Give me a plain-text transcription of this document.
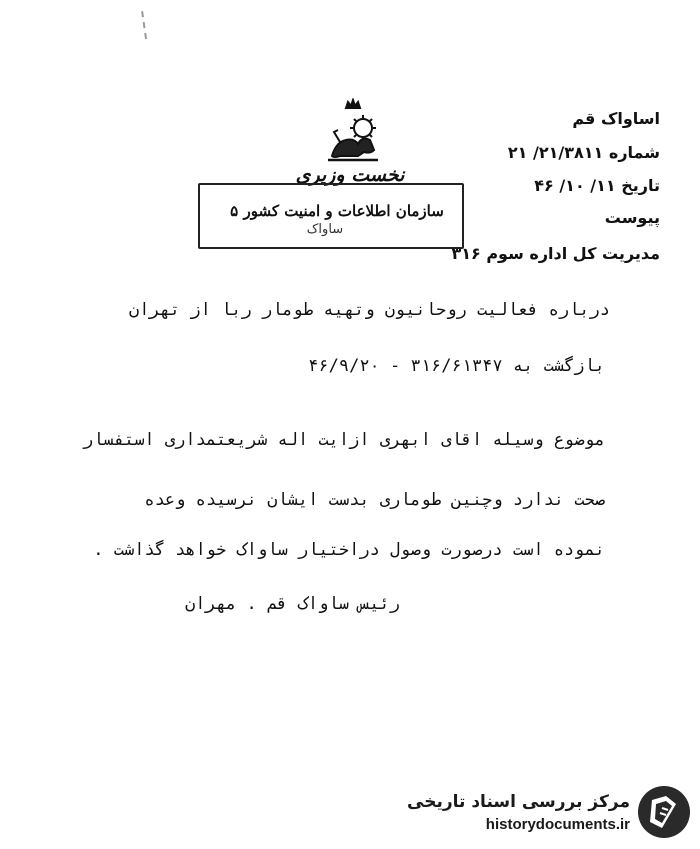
نخست وزیری
سازمان اطلاعات و امنیت کشور ۵
ساواک
اساواک قم
شماره ۲۱/۳۸۱۱/ ۲۱
تاریخ ۱۱/ ۱۰/ ۴۶
پیوست
مدیریت کل اداره سوم ۳۱۶
درباره فعالیت روحانیون وتهیه طومار ربا از تهران
بازگشت به ۳۱۶/۶۱۳۴۷ - ۴۶/۹/۲۰
موضوع وسیله اقای ابهری ازایت اله شریعتمداری استفسار
صحت ندارد وچنین طوماری بدست ایشان نرسیده وعده
نموده است درصورت وصول دراختیار ساواک خواهد گذاشت .
رئیس ساواک قم . مهران
مرکز بررسی اسناد تاریخی
historydocuments.ir
